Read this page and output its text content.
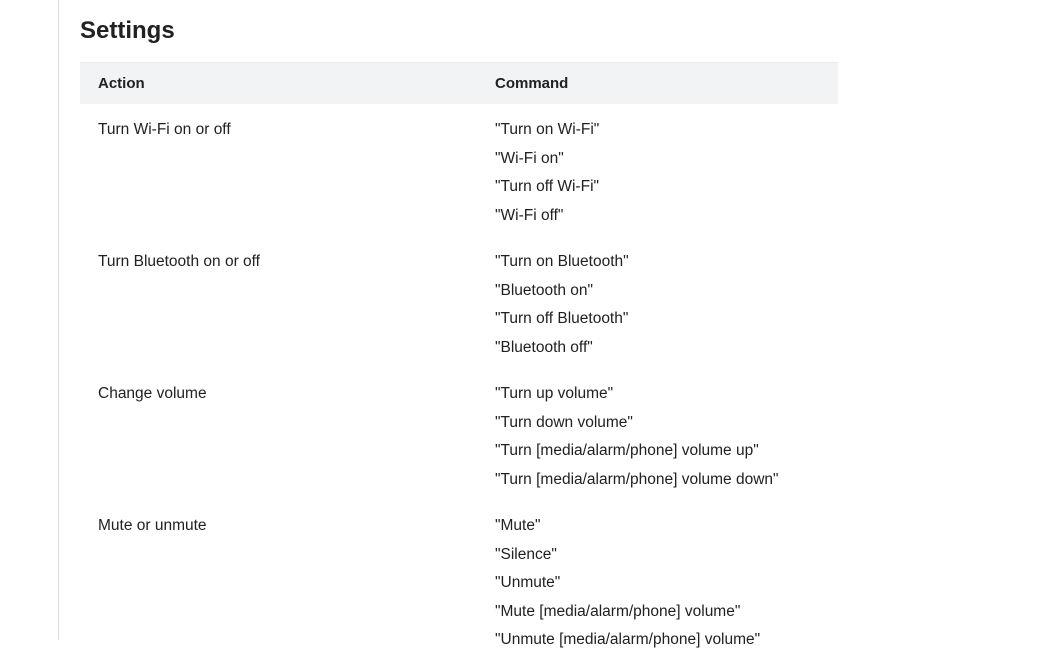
Settings
Action	Command

Turn Wi-Fi on or off	"Turn on Wi-Fi"
"Wi-Fi on"
"Turn off Wi-Fi"
"Wi-Fi off"

Turn Bluetooth on or off	"Turn on Bluetooth"
"Bluetooth on"
"Turn off Bluetooth"
"Bluetooth off"

Change volume	"Turn up volume"
"Turn down volume"
"Turn [media/alarm/phone] volume up"
"Turn [media/alarm/phone] volume down"

Mute or unmute	"Mute"
"Silence"
"Unmute"
"Mute [media/alarm/phone] volume"
"Unmute [media/alarm/phone] volume"
